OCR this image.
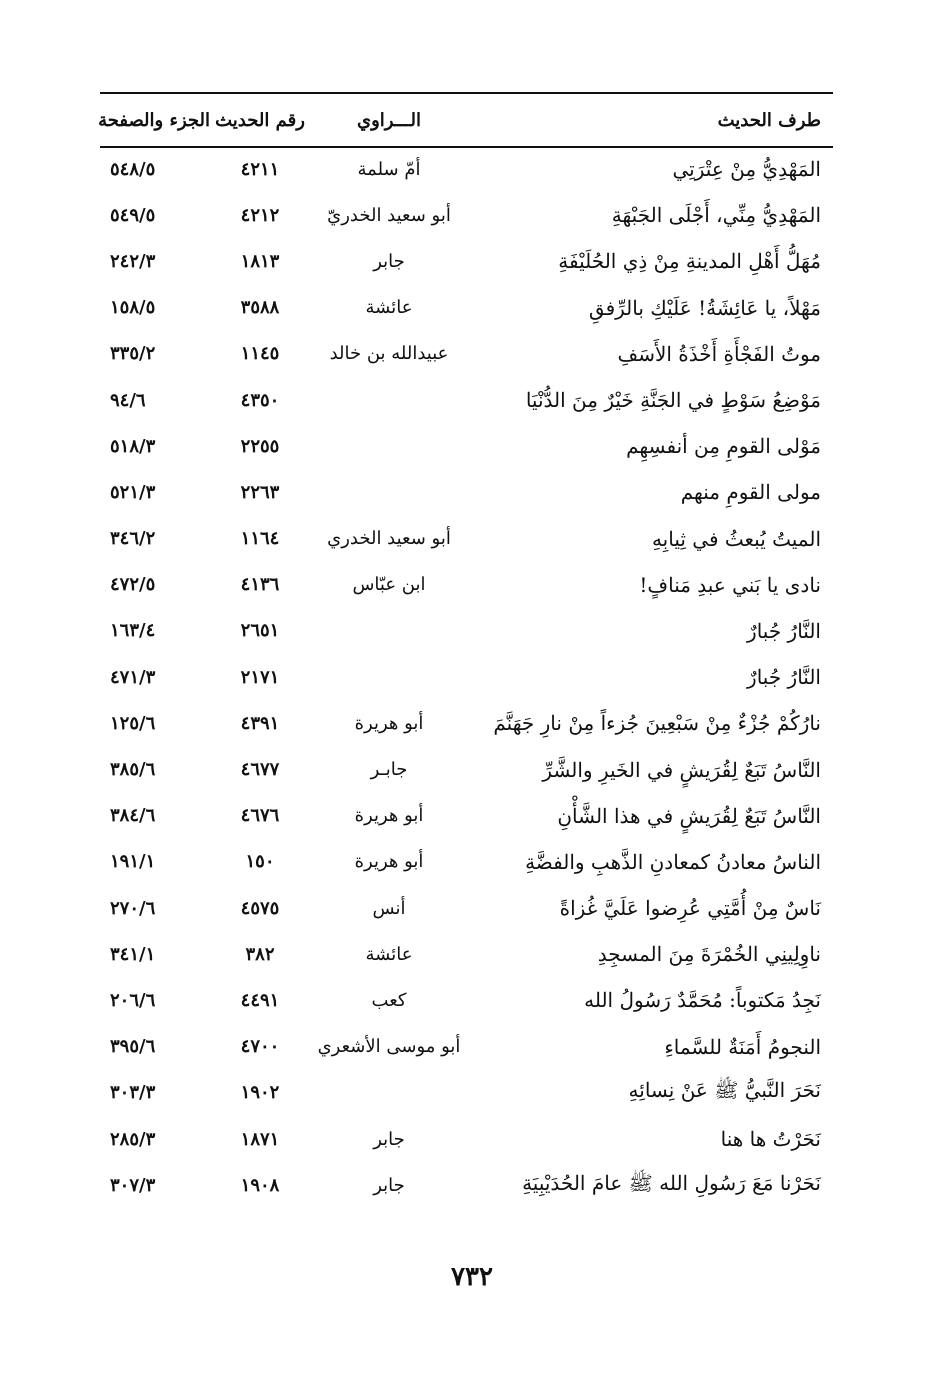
طرف الحديث
الـــراوي
رقم الحديث
الجزء والصفحة
المَهْدِيُّ مِنْ عِتْرَتِي
أمّ سلمة
٤٢١١
٥٤٨/٥
المَهْدِيُّ مِنِّي، أَجْلَى الجَبْهَةِ
أبو سعيد الخدريّ
٤٢١٢
٥٤٩/٥
مُهَلُّ أَهْلِ المدينةِ مِنْ ذِي الحُلَيْفَةِ
جابر
١٨١٣
٢٤٢/٣
مَهْلاً، يا عَائِشَةُ! عَلَيْكِ بالرِّفقِ
عائشة
٣٥٨٨
١٥٨/٥
موتُ الفَجْأَةِ أَخْذَةُ الأَسَفِ
عبيدالله بن خالد
١١٤٥
٣٣٥/٢
مَوْضِعُ سَوْطٍ في الجَنَّةِ خَيْرٌ مِنَ الدُّنْيَا
٤٣٥٠
٩٤/٦
مَوْلى القومِ مِن أنفسِهِم
٢٢٥٥
٥١٨/٣
مولى القومِ منهم
٢٢٦٣
٥٢١/٣
الميتُ يُبعثُ في ثِيابِهِ
أبو سعيد الخدري
١١٦٤
٣٤٦/٢
نادى يا بَني عبدِ مَنافٍ!
ابن عبّاس
٤١٣٦
٤٧٢/٥
النَّارُ جُبارٌ
٢٦٥١
١٦٣/٤
النَّارُ جُبارٌ
٢١٧١
٤٧١/٣
نارُكُمْ جُزْءٌ مِنْ سَبْعِينَ جُزءاً مِنْ نارِ جَهَنَّمَ
أبو هريرة
٤٣٩١
١٢٥/٦
النَّاسُ تَبَعٌ لِقُرَيشٍ في الخَيرِ والشَّرِّ
جابـر
٤٦٧٧
٣٨٥/٦
النَّاسُ تَبَعٌ لِقُرَيشٍ في هذا الشَّأْنِ
أبو هريرة
٤٦٧٦
٣٨٤/٦
الناسُ معادنُ كمعادنِ الذَّهبِ والفضَّةِ
أبو هريرة
١٥٠
١٩١/١
نَاسٌ مِنْ أُمَّتِي عُرِضوا عَلَيَّ غُزاةً
أنس
٤٥٧٥
٢٧٠/٦
ناوِلِينِي الخُمْرَةَ مِنَ المسجِدِ
عائشة
٣٨٢
٣٤١/١
نَجِدُ مَكتوباً: مُحَمَّدٌ رَسُولُ الله
كعب
٤٤٩١
٢٠٦/٦
النجومُ أَمَنَةٌ للسَّماءِ
أبو موسى الأشعري
٤٧٠٠
٣٩٥/٦
نَحَرَ النَّبيُّ ﷺ عَنْ نِسائِهِ
١٩٠٢
٣٠٣/٣
نَحَرْتُ ها هنا
جابر
١٨٧١
٢٨٥/٣
نَحَرْنا مَعَ رَسُولِ الله ﷺ عامَ الحُدَيْبِيَةِ
جابر
١٩٠٨
٣٠٧/٣
٧٣٢
